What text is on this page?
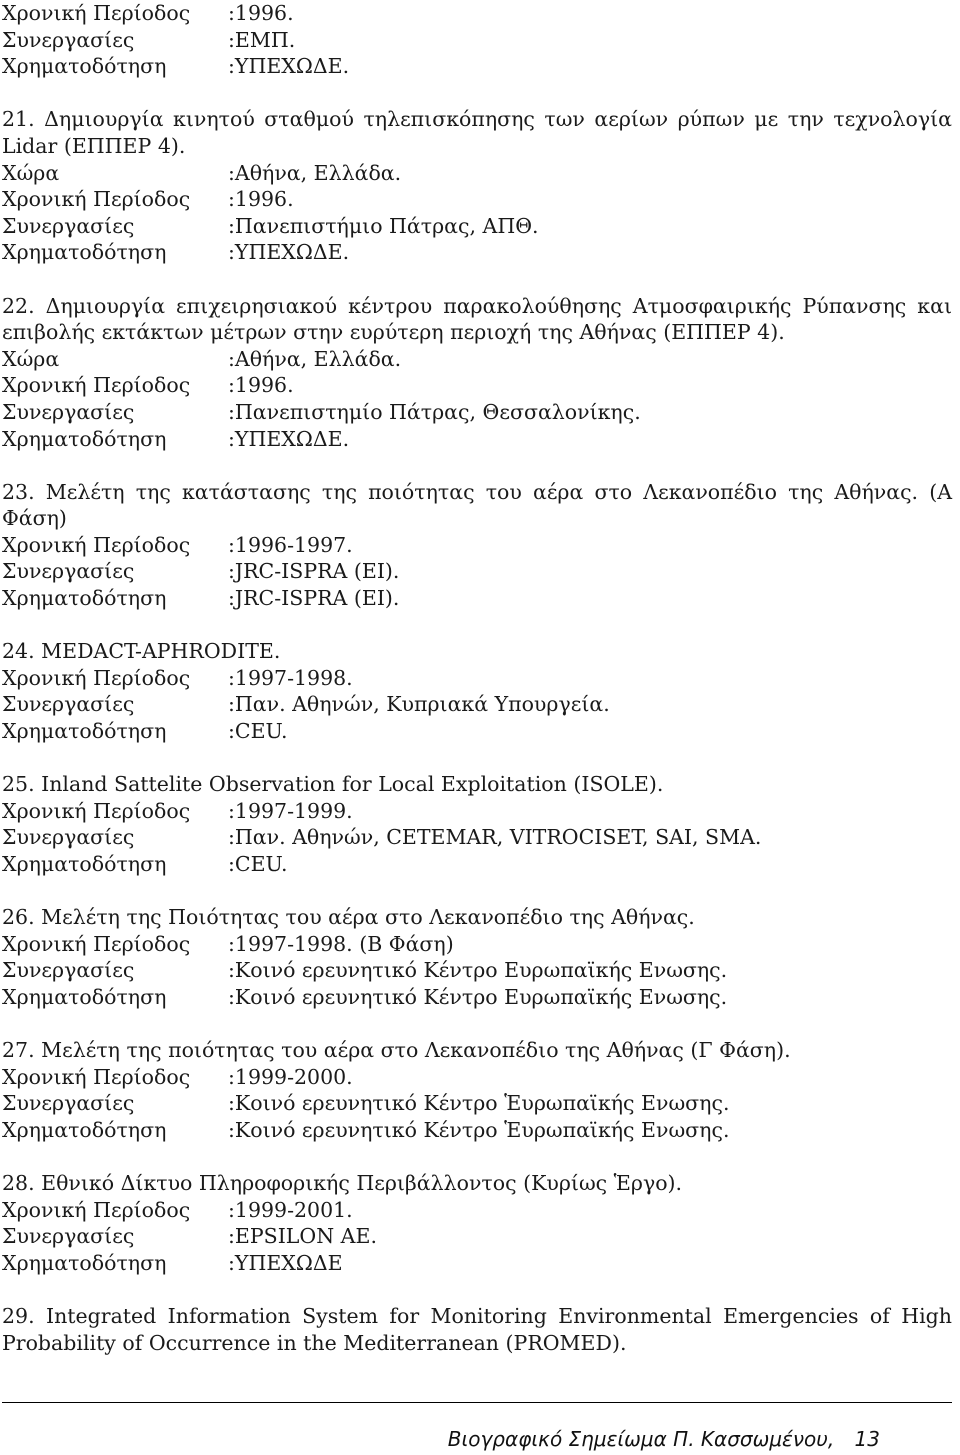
Χρονική Περίοδος	:1996.
Συνεργασίες	:ΕΜΠ.
Χρηματοδότηση	:ΥΠΕΧΩΔΕ.
21. Δημιουργία κινητού σταθμού τηλεπισκόπησης των αερίων ρύπων με την τεχνολογία
Lidar (ΕΠΠΕΡ 4).
Χώρα	:Αθήνα, Ελλάδα.
Χρονική Περίοδος	:1996.
Συνεργασίες	:Πανεπιστήμιο Πάτρας, ΑΠΘ.
Χρηματοδότηση	:ΥΠΕΧΩΔΕ.
22. Δημιουργία επιχειρησιακού κέντρου παρακολούθησης Ατμοσφαιρικής Ρύπανσης και
επιβολής εκτάκτων μέτρων στην ευρύτερη περιοχή της Αθήνας (ΕΠΠΕΡ 4).
Χώρα	:Αθήνα, Ελλάδα.
Χρονική Περίοδος	:1996.
Συνεργασίες	:Πανεπιστημίο Πάτρας, Θεσσαλονίκης.
Χρηματοδότηση	:ΥΠΕΧΩΔΕ.
23. Μελέτη της κατάστασης της ποιότητας του αέρα στο Λεκανοπέδιο της Αθήνας. (Α
Φάση)
Χρονική Περίοδος	:1996-1997.
Συνεργασίες	:JRC-ISPRA (EI).
Χρηματοδότηση	:JRC-ISPRA (EI).
24. MEDACT-APHRODITE.
Χρονική Περίοδος	:1997-1998.
Συνεργασίες	:Παν. Αθηνών, Κυπριακά Υπουργεία.
Χρηματοδότηση	:CEU.
25. Inland Sattelite Observation for Local Exploitation (ISOLE).
Χρονική Περίοδος	:1997-1999.
Συνεργασίες	:Παν. Αθηνών, CETEMAR, VITROCISET, SAI, SMA.
Χρηματοδότηση	:CEU.
26. Μελέτη της Ποιότητας του αέρα στο Λεκανοπέδιο της Αθήνας.
Χρονική Περίοδος	:1997-1998. (Β Φάση)
Συνεργασίες	:Κοινό ερευνητικό Κέντρο Ευρωπαϊκής Ενωσης.
Χρηματοδότηση	:Κοινό ερευνητικό Κέντρο Ευρωπαϊκής Ενωσης.
27. Μελέτη της ποιότητας του αέρα στο Λεκανοπέδιο της Αθήνας (Γ Φάση).
Χρονική Περίοδος	:1999-2000.
Συνεργασίες	:Κοινό ερευνητικό Κέντρο Ἑυρωπαϊκής Ενωσης.
Χρηματοδότηση	:Κοινό ερευνητικό Κέντρο Ἑυρωπαϊκής Ενωσης.
28. Εθνικό Δίκτυο Πληροφορικής Περιβάλλοντος (Κυρίως Ἑργο).
Χρονική Περίοδος	:1999-2001.
Συνεργασίες	:EPSILON AE.
Χρηματοδότηση	:ΥΠΕΧΩΔΕ
29. Integrated Information System for Monitoring Environmental Emergencies of High
Probability of Occurrence in the Mediterranean (PROMED).
Βιογραφικό Σημείωμα Π. Κασσωμένου, 13
